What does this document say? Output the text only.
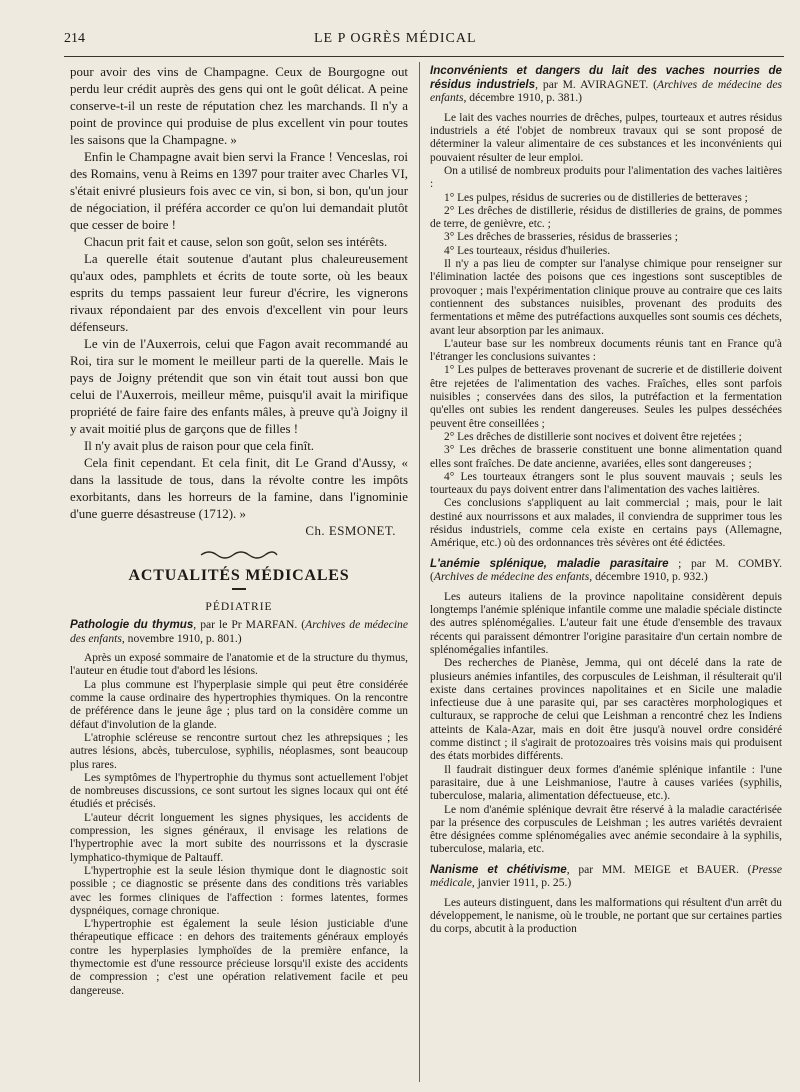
214	LE P OGRÈS MÉDICAL

pour avoir des vins de Champagne. Ceux de Bourgogne out perdu leur crédit auprès des gens qui ont le goût délicat. A peine conserve-t-il un reste de réputation chez les marchands. Il n'y a point de province qui produise de plus excellent vin pour toutes les saisons que la Champagne. »

Enfin le Champagne avait bien servi la France ! Venceslas, roi des Romains, venu à Reims en 1397 pour traiter avec Charles VI, s'était enivré plusieurs fois avec ce vin, si bon, si bon, qu'un jour de négociation, il préféra accorder ce qu'on lui demandait plutôt que cesser de boire !

Chacun prit fait et cause, selon son goût, selon ses intérêts.

La querelle était soutenue d'autant plus chaleureusement qu'aux odes, pamphlets et écrits de toute sorte, où les beaux esprits du temps passaient leur fureur d'écrire, les vignerons rivaux répondaient par des envois d'excellent vin pour leurs défenseurs.

Le vin de l'Auxerrois, celui que Fagon avait recommandé au Roi, tira sur le moment le meilleur parti de la querelle. Mais le pays de Joigny prétendit que son vin était tout aussi bon que celui de l'Auxerrois, meilleur même, puisqu'il avait la mirifique propriété de faire faire des enfants mâles, à preuve qu'à Joigny il y avait moitié plus de garçons que de filles !

Il n'y avait plus de raison pour que cela finît.

Cela finit cependant. Et cela finit, dit Le Grand d'Aussy, « dans la lassitude de tous, dans la révolte contre les impôts exorbitants, dans les horreurs de la famine, dans l'ignominie d'une guerre désastreuse (1712). »

Ch. ESMONET.

ACTUALITÉS MÉDICALES
PÉDIATRIE
Pathologie du thymus, par le Pr MARFAN. (Archives de médecine des enfants, novembre 1910, p. 801.)

Après un exposé sommaire de l'anatomie et de la structure du thymus, l'auteur en étudie tout d'abord les lésions.

La plus commune est l'hyperplasie simple qui peut être considérée comme la cause ordinaire des hypertrophies thymiques. On la rencontre de préférence dans le jeune âge ; plus tard on la considère comme un défaut d'involution de la glande.

L'atrophie scléreuse se rencontre surtout chez les athrepsiques ; les autres lésions, abcès, tuberculose, syphilis, néoplasmes, sont beaucoup plus rares.

Les symptômes de l'hypertrophie du thymus sont actuellement l'objet de nombreuses discussions, ce sont surtout les signes locaux qui ont été étudiés et précisés.

L'auteur décrit longuement les signes physiques, les accidents de compression, les signes généraux, il envisage les relations de l'hypertrophie avec la mort subite des nourrissons et la dyscrasie lymphatico-thymique de Paltauff.

L'hypertrophie est la seule lésion thymique dont le diagnostic soit possible ; ce diagnostic se présente dans des conditions très variables avec les formes cliniques de l'affection : formes latentes, formes dyspnéiques, cornage chronique.

L'hypertrophie est également la seule lésion justiciable d'une thérapeutique efficace : en dehors des traitements généraux employés contre les hyperplasies lymphoïdes de la première enfance, la thymectomie est d'une ressource précieuse lorsqu'il existe des accidents de compression ; c'est une opération relativement facile et peu dangereuse.

Inconvénients et dangers du lait des vaches nourries de résidus industriels, par M. AVIRAGNET. (Archives de médecine des enfants, décembre 1910, p. 381.)

Le lait des vaches nourries de drêches, pulpes, tourteaux et autres résidus industriels a été l'objet de nombreux travaux qui se sont proposé de déterminer la valeur alimentaire de ces substances et les inconvénients qui pouvaient résulter de leur emploi.

On a utilisé de nombreux produits pour l'alimentation des vaches laitières :

1° Les pulpes, résidus de sucreries ou de distilleries de betteraves ;

2° Les drêches de distillerie, résidus de distilleries de grains, de pommes de terre, de genièvre, etc. ;

3° Les drêches de brasseries, résidus de brasseries ;

4° Les tourteaux, résidus d'huileries.

Il n'y a pas lieu de compter sur l'analyse chimique pour renseigner sur l'élimination lactée des poisons que ces ingestions sont susceptibles de provoquer ; mais l'expérimentation clinique prouve au contraire que ces laits contiennent des substances nuisibles, provenant des produits des fermentations et même des putréfactions auxquelles sont soumis ces déchets, avant leur absorption par les animaux.

L'auteur base sur les nombreux documents réunis tant en France qu'à l'étranger les conclusions suivantes :

1° Les pulpes de betteraves provenant de sucrerie et de distillerie doivent être rejetées de l'alimentation des vaches. Fraîches, elles sont parfois nuisibles ; conservées dans des silos, la putréfaction et la fermentation qu'elles ont subies les rendent dangereuses. Seules les pulpes desséchées peuvent être conseillées ;

2° Les drêches de distillerie sont nocives et doivent être rejetées ;

3° Les drêches de brasserie constituent une bonne alimentation quand elles sont fraîches. De date ancienne, avariées, elles sont dangereuses ;

4° Les tourteaux étrangers sont le plus souvent mauvais ; seuls les tourteaux du pays doivent entrer dans l'alimentation des vaches laitières.

Ces conclusions s'appliquent au lait commercial ; mais, pour le lait destiné aux nourrissons et aux malades, il conviendra de supprimer tous les résidus industriels, comme cela existe en certains pays (Allemagne, Amérique, etc.) où des ordonnances très sévères ont été édictées.

L'anémie splénique, maladie parasitaire ; par M. COMBY. (Archives de médecine des enfants, décembre 1910, p. 932.)

Les auteurs italiens de la province napolitaine considèrent depuis longtemps l'anémie splénique infantile comme une maladie spéciale distincte des autres splénomégalies. L'auteur fait une étude d'ensemble des travaux récents qui paraissent démontrer l'origine parasitaire d'un certain nombre de splénomégalies infantiles.

Des recherches de Pianèse, Jemma, qui ont décelé dans la rate de plusieurs anémies infantiles, des corpuscules de Leishman, il résulterait qu'il existe dans certaines provinces napolitaines et en Sicile une maladie infectieuse due à une parasite qui, par ses caractères morphologiques et culturaux, se rapproche de celui que Leishman a rencontré chez les Indiens atteints de Kala-Azar, mais en doit être jusqu'à nouvel ordre considéré comme distinct ; il s'agirait de protozoaires très voisins mais qui produisent des états morbides différents.

Il faudrait distinguer deux formes d'anémie splénique infantile : l'une parasitaire, due à une Leishmaniose, l'autre à causes variées (syphilis, tuberculose, malaria, alimentation défectueuse, etc.).

Le nom d'anémie splénique devrait être réservé à la maladie caractérisée par la présence des corpuscules de Leishman ; les autres variétés devraient être désignées comme splénomégalies avec anémie secondaire à la syphilis, tuberculose, malaria, etc.

Nanisme et chétivisme, par MM. MEIGE et BAUER. (Presse médicale, janvier 1911, p. 25.)

Les auteurs distinguent, dans les malformations qui résultent d'un arrêt du développement, le nanisme, où le trouble, ne portant que sur certaines parties du corps, abcutit à la production
